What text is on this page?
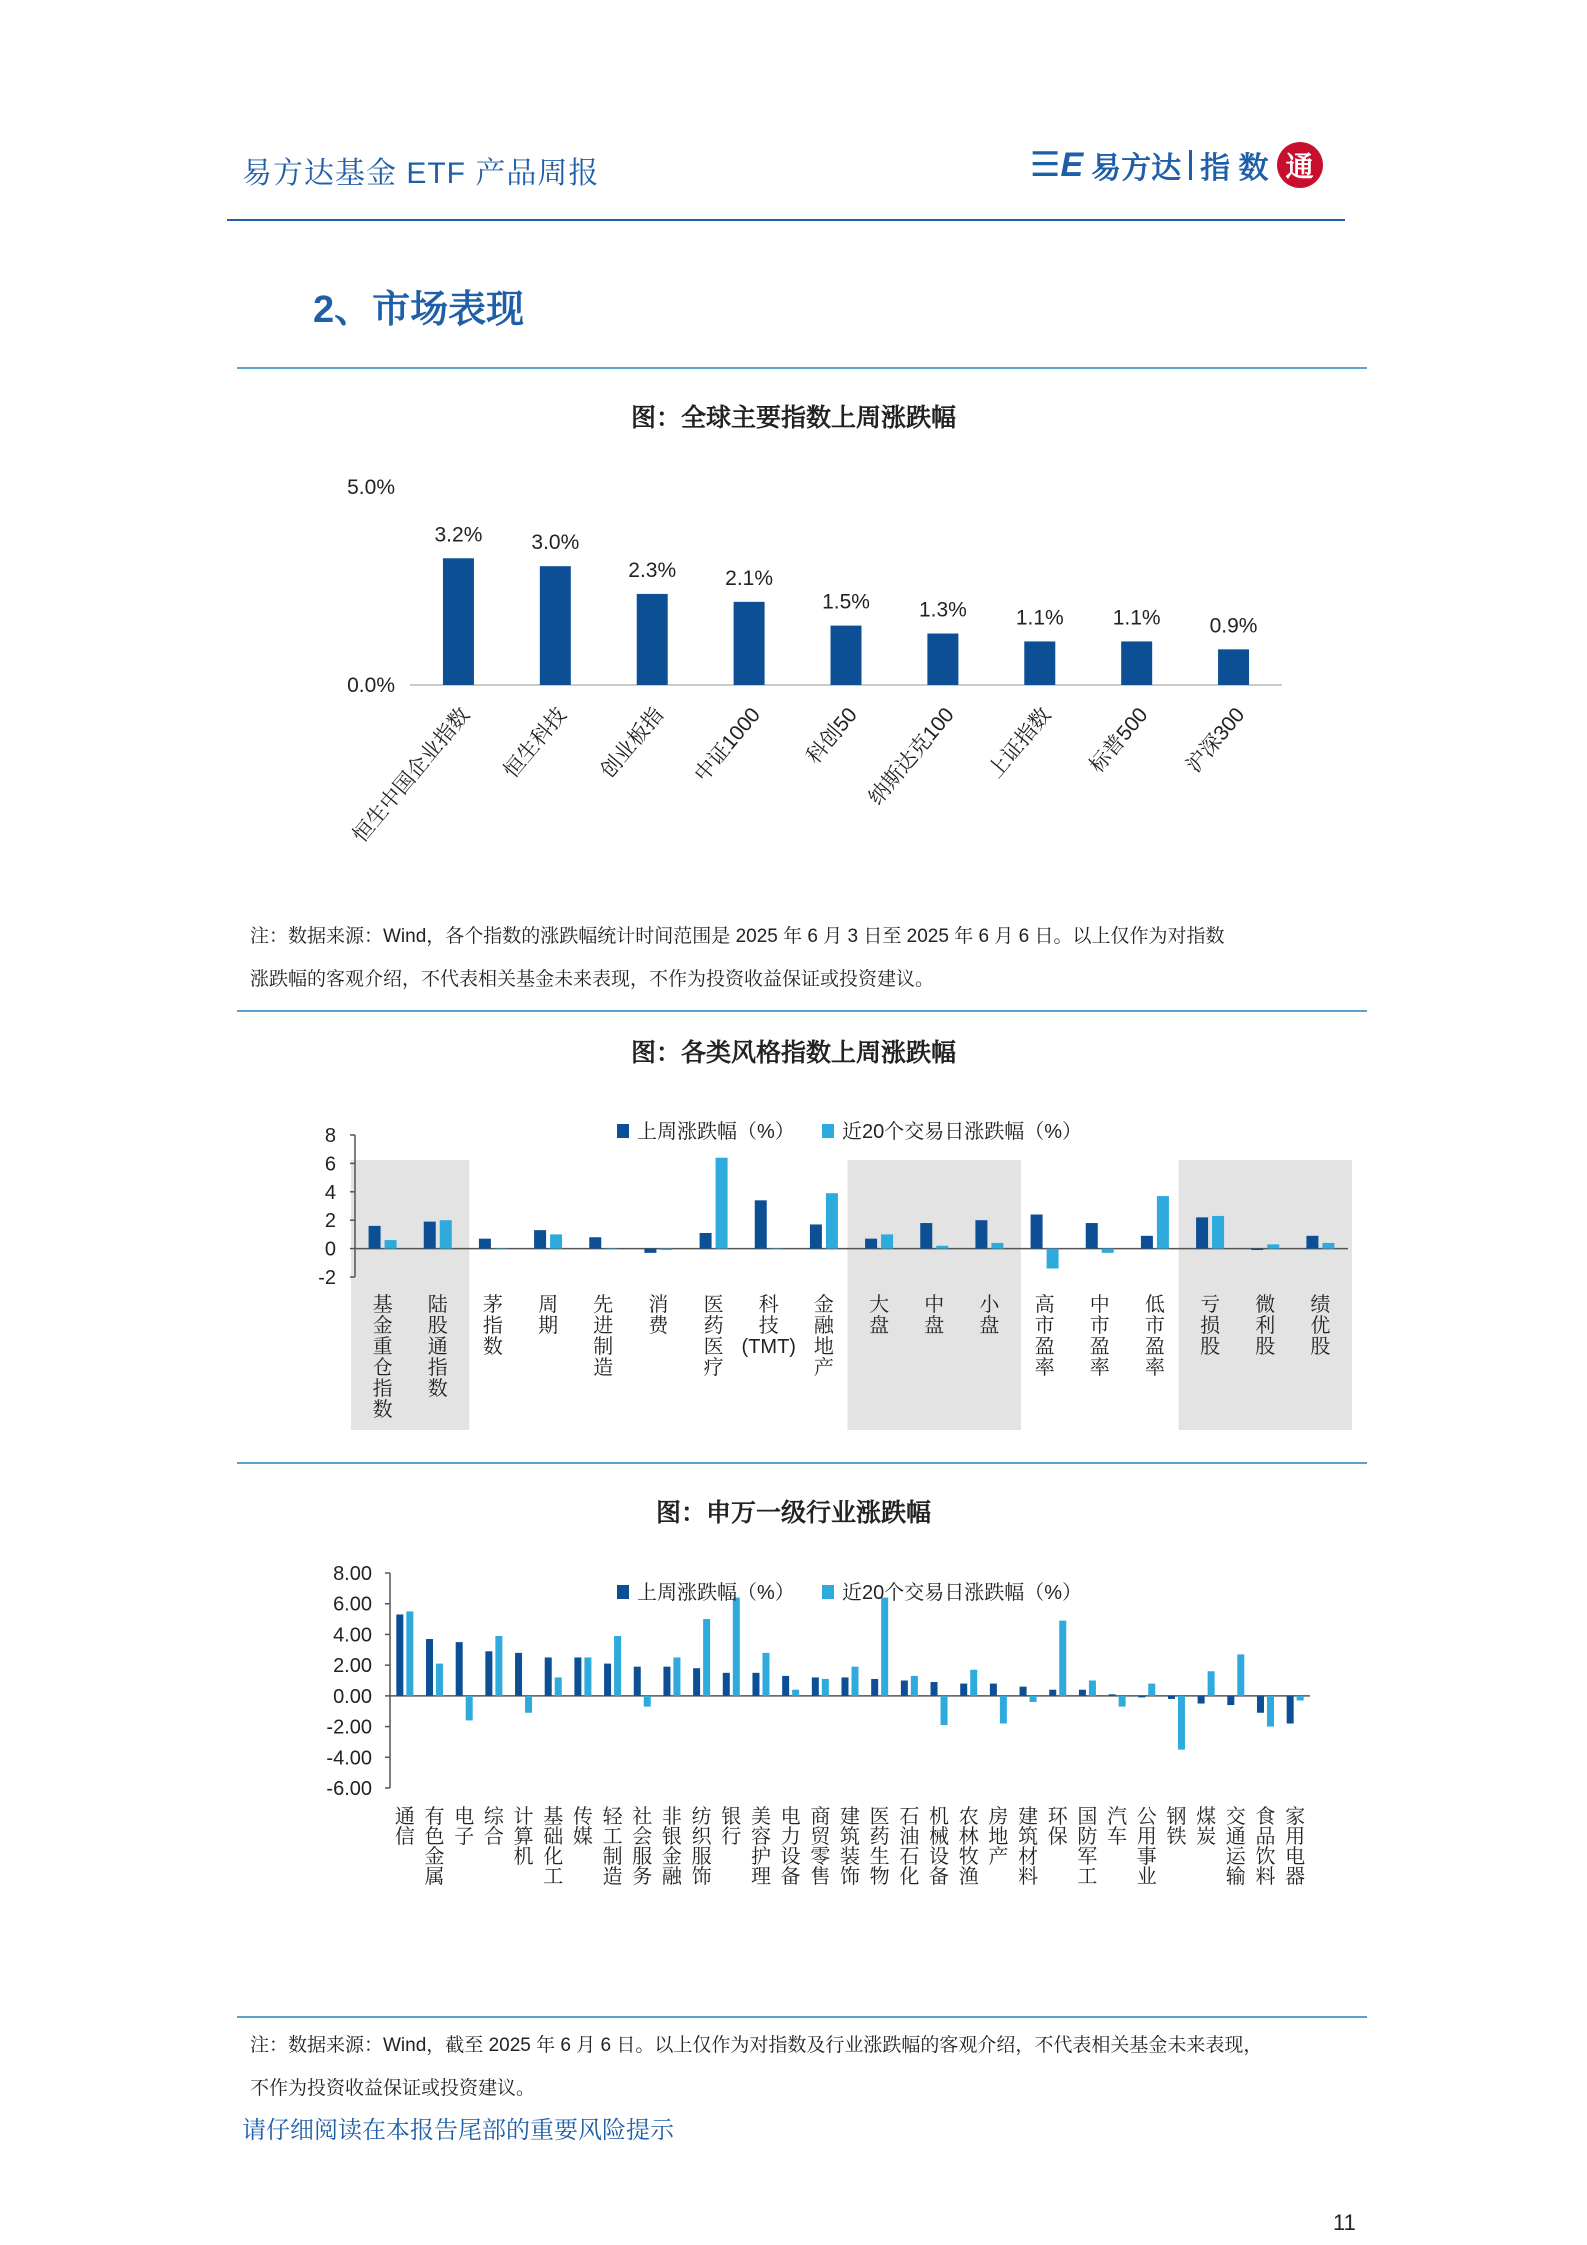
易方达基金 ETF 产品周报	☰E 易方达 指 数 通
2、市场表现
图：全球主要指数上周涨跌幅
0.0%
5.0%
3.2%
恒生中国企业指数
3.0%
恒生科技
2.3%
创业板指
2.1%
中证1000
1.5%
科创50
1.3%
纳斯达克100
1.1%
上证指数
1.1%
标普500
0.9%
沪深300
-2
0
2
4
6
8
基金重仓指数
陆股通指数
茅指数
周期
先进制造
消费
医药医疗
科技(TMT)
金融地产
大盘
中盘
小盘
高市盈率
中市盈率
低市盈率
亏损股
微利股
绩优股
上周涨跌幅（%） 近20个交易日涨跌幅（%）
-6.00
-4.00
-2.00
0.00
2.00
4.00
6.00
8.00
通信
有色金属
电子
综合
计算机
基础化工
传媒
轻工制造
社会服务
非银金融
纺织服饰
银行
美容护理
电力设备
商贸零售
建筑装饰
医药生物
石油石化
机械设备
农林牧渔
房地产
建筑材料
环保
国防军工
汽车
公用事业
钢铁
煤炭
交通运输
食品饮料
家用电器
上周涨跌幅（%） 近20个交易日涨跌幅（%）
注：数据来源：Wind，各个指数的涨跌幅统计时间范围是 2025 年 6 月 3 日至 2025 年 6 月 6 日。以上仅作为对指数
涨跌幅的客观介绍，不代表相关基金未来表现，不作为投资收益保证或投资建议。
图：各类风格指数上周涨跌幅
图：申万一级行业涨跌幅
注：数据来源：Wind，截至 2025 年 6 月 6 日。以上仅作为对指数及行业涨跌幅的客观介绍，不代表相关基金未来表现，
不作为投资收益保证或投资建议。
请仔细阅读在本报告尾部的重要风险提示
11
